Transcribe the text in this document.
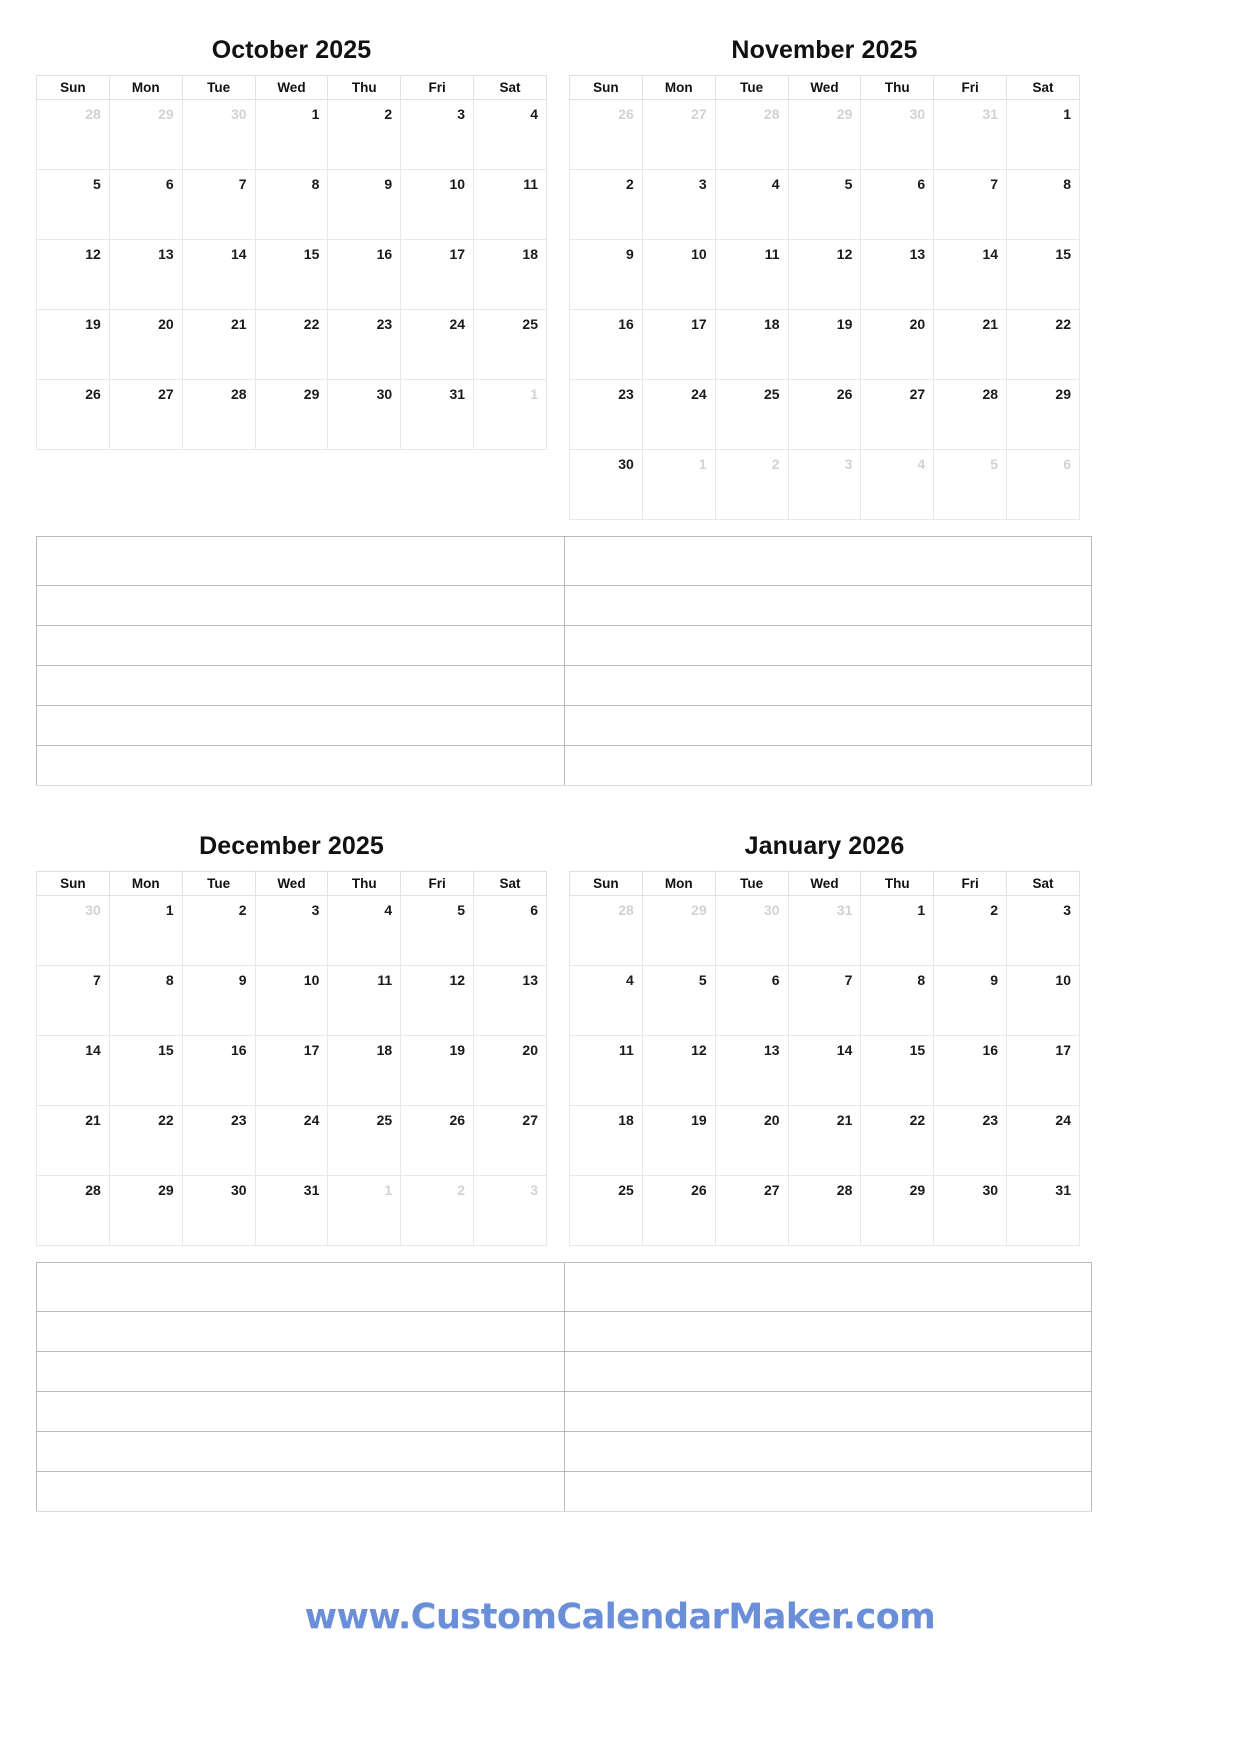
October 2025
Sun	Mon	Tue	Wed	Thu	Fri	Sat
28	29	30	1	2	3	4
5	6	7	8	9	10	11
12	13	14	15	16	17	18
19	20	21	22	23	24	25
26	27	28	29	30	31	1
November 2025
Sun	Mon	Tue	Wed	Thu	Fri	Sat
26	27	28	29	30	31	1
2	3	4	5	6	7	8
9	10	11	12	13	14	15
16	17	18	19	20	21	22
23	24	25	26	27	28	29
30	1	2	3	4	5	6

December 2025
Sun	Mon	Tue	Wed	Thu	Fri	Sat
30	1	2	3	4	5	6
7	8	9	10	11	12	13
14	15	16	17	18	19	20
21	22	23	24	25	26	27
28	29	30	31	1	2	3
January 2026
Sun	Mon	Tue	Wed	Thu	Fri	Sat
28	29	30	31	1	2	3
4	5	6	7	8	9	10
11	12	13	14	15	16	17
18	19	20	21	22	23	24
25	26	27	28	29	30	31

www.CustomCalendarMaker.com
